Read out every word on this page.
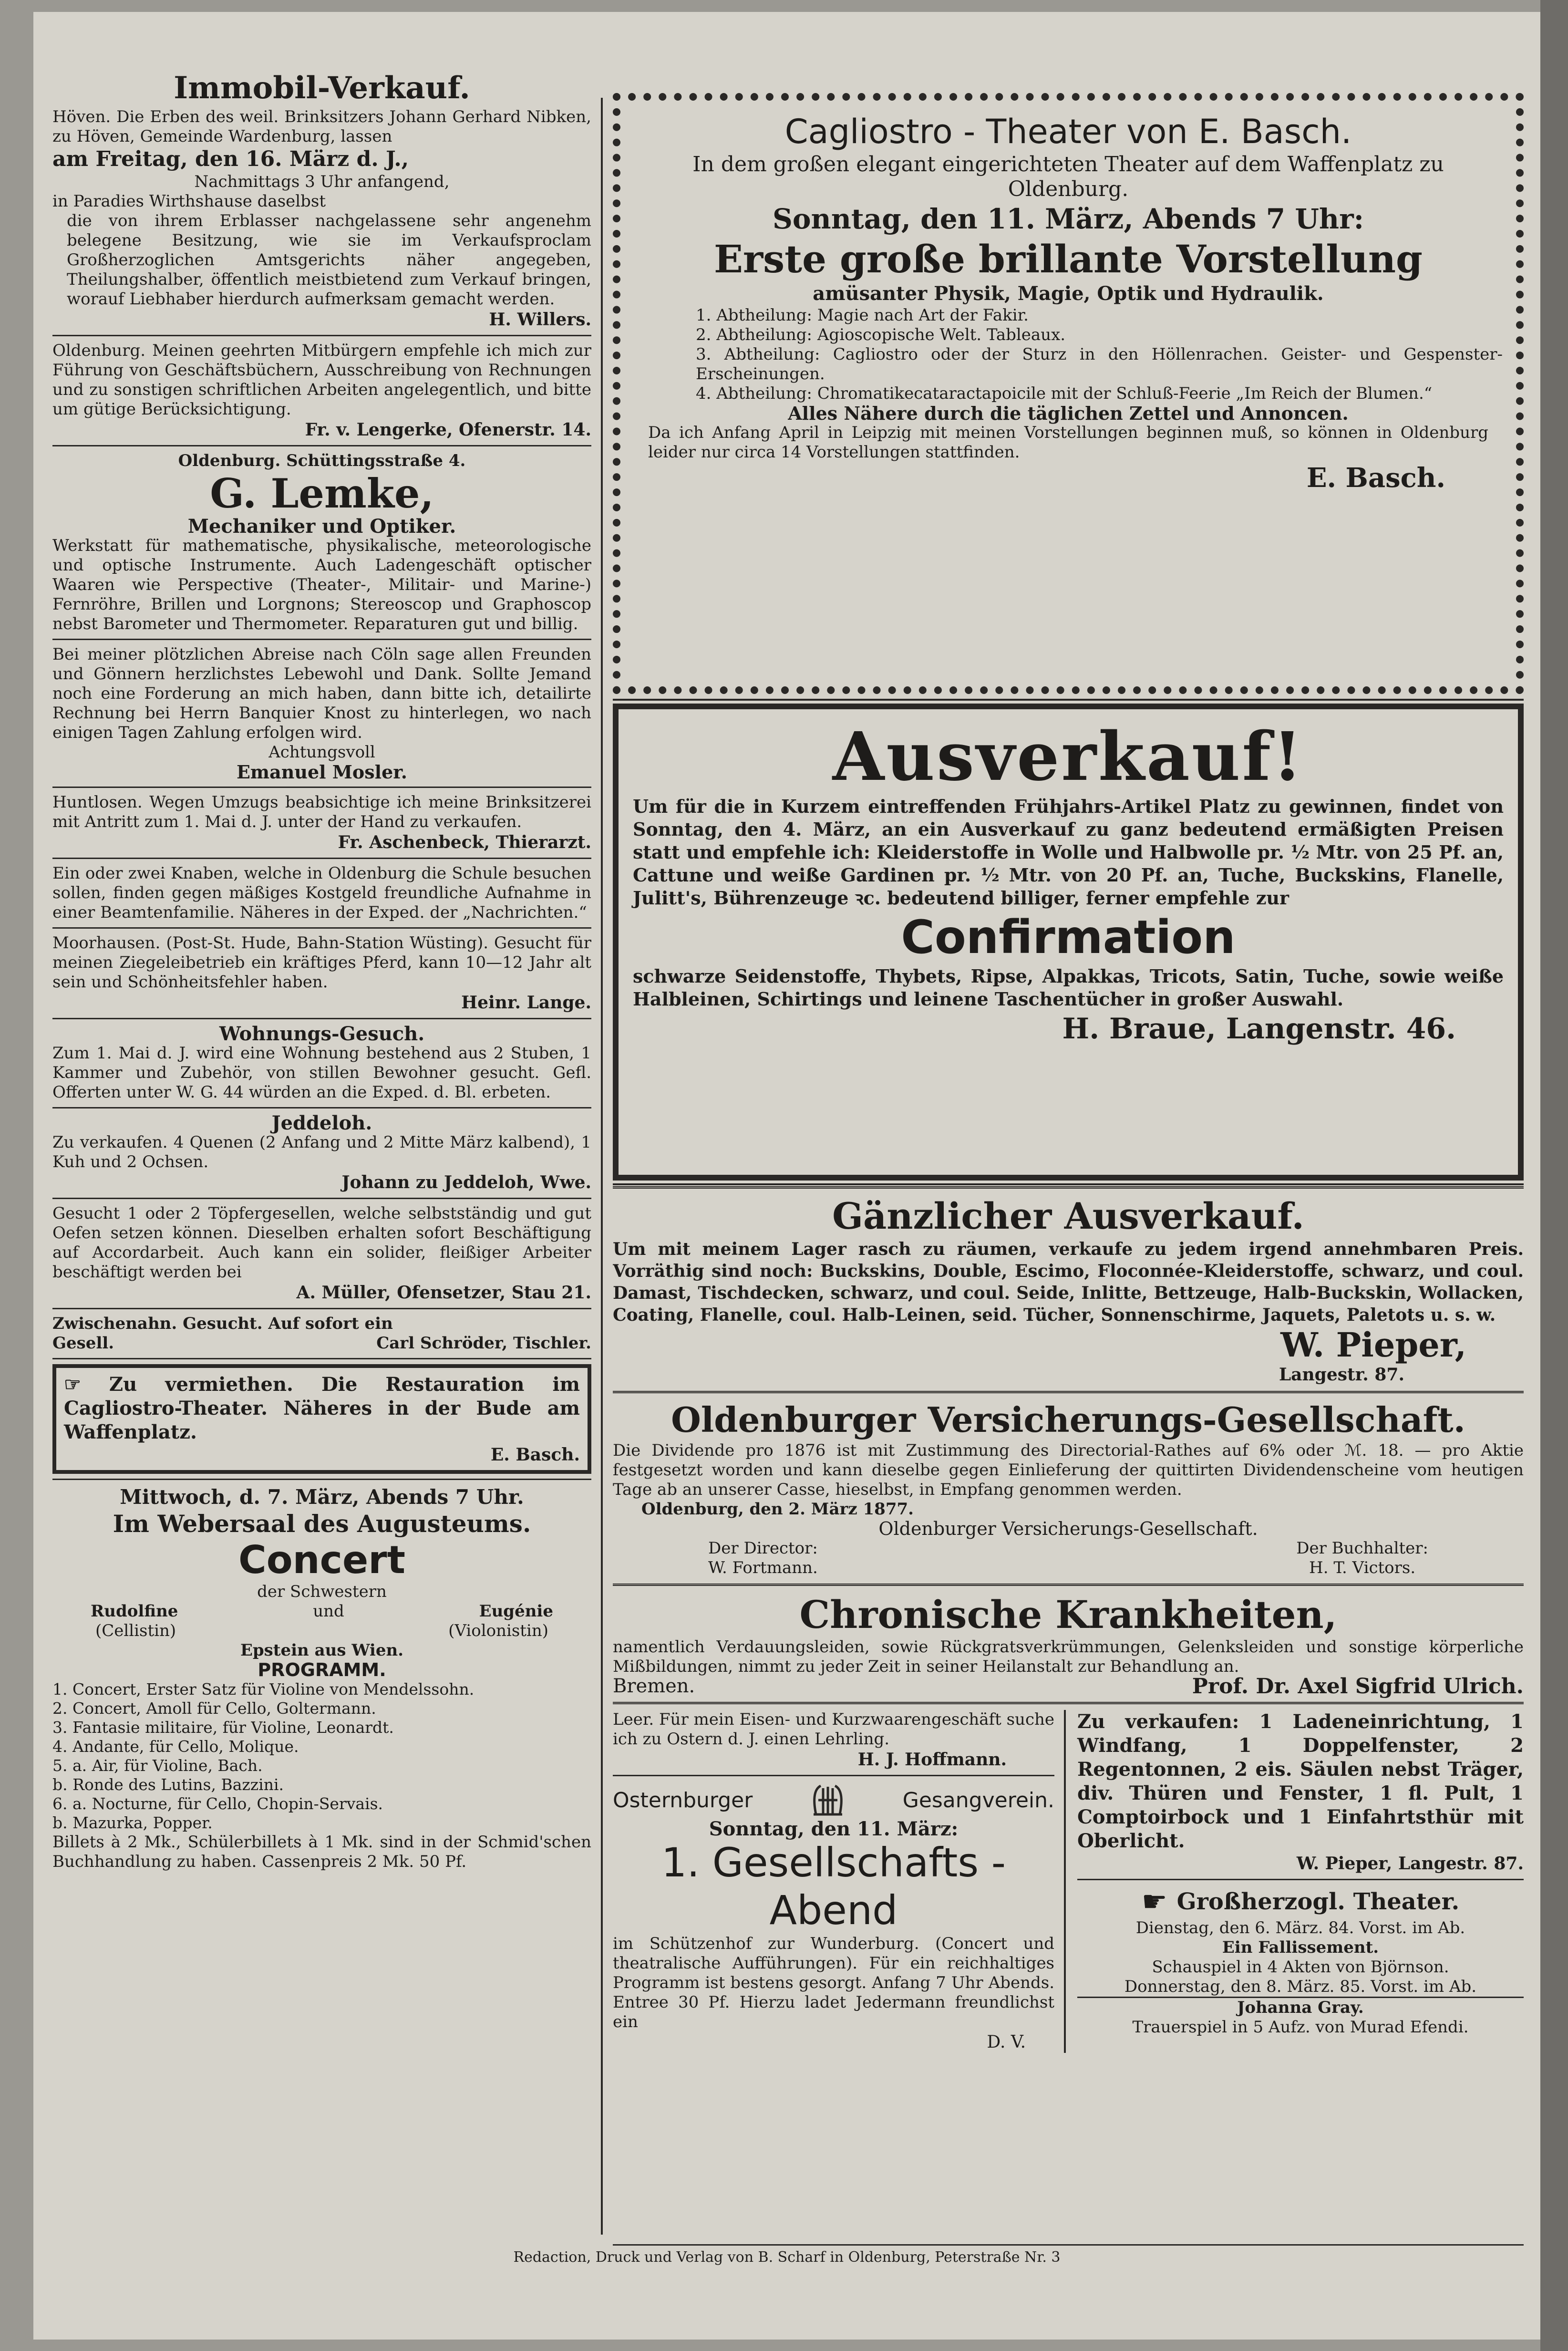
Immobil-Verkauf.

Höven. Die Erben des weil. Brinksitzers Johann Gerhard Nibken, zu Höven, Gemeinde Wardenburg, lassen

am Freitag, den 16. März d. J.,

Nachmittags 3 Uhr anfangend,

in Paradies Wirthshause daselbst

die von ihrem Erblasser nachgelassene sehr angenehm belegene Besitzung, wie sie im Verkaufsproclam Großherzoglichen Amtsgerichts näher angegeben, Theilungshalber, öffentlich meistbietend zum Verkauf bringen, worauf Liebhaber hierdurch aufmerksam gemacht werden.

H. Willers.

Oldenburg. Meinen geehrten Mitbürgern empfehle ich mich zur Führung von Geschäftsbüchern, Ausschreibung von Rechnungen und zu sonstigen schriftlichen Arbeiten angelegentlich, und bitte um gütige Berücksichtigung.

Fr. v. Lengerke, Ofenerstr. 14.

Oldenburg. Schüttingsstraße 4.

G. Lemke,

Mechaniker und Optiker.

Werkstatt für mathematische, physikalische, meteorologische und optische Instrumente. Auch Ladengeschäft optischer Waaren wie Perspective (Theater-, Militair- und Marine-) Fernröhre, Brillen und Lorgnons; Stereoscop und Graphoscop nebst Barometer und Thermometer. Reparaturen gut und billig.

Bei meiner plötzlichen Abreise nach Cöln sage allen Freunden und Gönnern herzlichstes Lebewohl und Dank. Sollte Jemand noch eine Forderung an mich haben, dann bitte ich, detailirte Rechnung bei Herrn Banquier Knost zu hinterlegen, wo nach einigen Tagen Zahlung erfolgen wird.

Achtungsvoll

Emanuel Mosler.

Huntlosen. Wegen Umzugs beabsichtige ich meine Brinksitzerei mit Antritt zum 1. Mai d. J. unter der Hand zu verkaufen.

Fr. Aschenbeck, Thierarzt.

Ein oder zwei Knaben, welche in Oldenburg die Schule besuchen sollen, finden gegen mäßiges Kostgeld freundliche Aufnahme in einer Beamtenfamilie. Näheres in der Exped. der „Nachrichten.“

Moorhausen. (Post-St. Hude, Bahn-Station Wüsting). Gesucht für meinen Ziegeleibetrieb ein kräftiges Pferd, kann 10—12 Jahr alt sein und Schönheitsfehler haben.

Heinr. Lange.

Wohnungs-Gesuch.

Zum 1. Mai d. J. wird eine Wohnung bestehend aus 2 Stuben, 1 Kammer und Zubehör, von stillen Bewohner gesucht. Gefl. Offerten unter W. G. 44 würden an die Exped. d. Bl. erbeten.

Jeddeloh.

Zu verkaufen. 4 Quenen (2 Anfang und 2 Mitte März kalbend), 1 Kuh und 2 Ochsen.

Johann zu Jeddeloh, Wwe.

Gesucht 1 oder 2 Töpfergesellen, welche selbstständig und gut Oefen setzen können. Dieselben erhalten sofort Beschäftigung auf Accordarbeit. Auch kann ein solider, fleißiger Arbeiter beschäftigt werden bei

A. Müller, Ofensetzer, Stau 21.

Zwischenahn. Gesucht. Auf sofort ein

Gesell.	Carl Schröder, Tischler.

☞ Zu vermiethen. Die Restauration im Cagliostro-Theater. Näheres in der Bude am Waffenplatz.

E. Basch.

Mittwoch, d. 7. März, Abends 7 Uhr.

Im Webersaal des Augusteums.

Concert

der Schwestern

Rudolfine	und	Eugénie
(Cellistin)	(Violonistin)

Epstein aus Wien.

PROGRAMM.

1. Concert, Erster Satz für Violine von Mendelssohn.

2. Concert, Amoll für Cello, Goltermann.

3. Fantasie militaire, für Violine, Leonardt.

4. Andante, für Cello, Molique.

5. a. Air, für Violine, Bach.

b. Ronde des Lutins, Bazzini.

6. a. Nocturne, für Cello, Chopin-Servais.

b. Mazurka, Popper.

Billets à 2 Mk., Schülerbillets à 1 Mk. sind in der Schmid'schen Buchhandlung zu haben. Cassenpreis 2 Mk. 50 Pf.

Cagliostro - Theater von E. Basch.

In dem großen elegant eingerichteten Theater auf dem Waffenplatz zu Oldenburg.

Sonntag, den 11. März, Abends 7 Uhr:

Erste große brillante Vorstellung

amüsanter Physik, Magie, Optik und Hydraulik.

1. Abtheilung: Magie nach Art der Fakir.

2. Abtheilung: Agioscopische Welt. Tableaux.

3. Abtheilung: Cagliostro oder der Sturz in den Höllenrachen. Geister- und Gespenster-Erscheinungen.

4. Abtheilung: Chromatikecataractapoicile mit der Schluß-Feerie „Im Reich der Blumen.“

Alles Nähere durch die täglichen Zettel und Annoncen.

Da ich Anfang April in Leipzig mit meinen Vorstellungen beginnen muß, so können in Oldenburg leider nur circa 14 Vorstellungen stattfinden.

E. Basch.

Ausverkauf!

Um für die in Kurzem eintreffenden Frühjahrs-Artikel Platz zu gewinnen, findet von Sonntag, den 4. März, an ein Ausverkauf zu ganz bedeutend ermäßigten Preisen statt und empfehle ich: Kleiderstoffe in Wolle und Halbwolle pr. ½ Mtr. von 25 Pf. an, Cattune und weiße Gardinen pr. ½ Mtr. von 20 Pf. an, Tuche, Buckskins, Flanelle, Julitt's, Bührenzeuge ꝛc. bedeutend billiger, ferner empfehle zur

Confirmation

schwarze Seidenstoffe, Thybets, Ripse, Alpakkas, Tricots, Satin, Tuche, sowie weiße Halbleinen, Schirtings und leinene Taschentücher in großer Auswahl.

H. Braue, Langenstr. 46.

Gänzlicher Ausverkauf.

Um mit meinem Lager rasch zu räumen, verkaufe zu jedem irgend annehmbaren Preis. Vorräthig sind noch: Buckskins, Double, Escimo, Floconnée-Kleiderstoffe, schwarz, und coul. Damast, Tischdecken, schwarz, und coul. Seide, Inlitte, Bettzeuge, Halb-Buckskin, Wollacken, Coating, Flanelle, coul. Halb-Leinen, seid. Tücher, Sonnenschirme, Jaquets, Paletots u. s. w.

W. Pieper,

Langestr. 87.

Oldenburger Versicherungs-Gesellschaft.

Die Dividende pro 1876 ist mit Zustimmung des Directorial-Rathes auf 6% oder ℳ. 18. — pro Aktie festgesetzt worden und kann dieselbe gegen Einlieferung der quittirten Dividendenscheine vom heutigen Tage ab an unserer Casse, hieselbst, in Empfang genommen werden.

Oldenburg, den 2. März 1877.

Oldenburger Versicherungs-Gesellschaft.

Der Director:

W. Fortmann.

Der Buchhalter:

H. T. Victors.

Chronische Krankheiten,

namentlich Verdauungsleiden, sowie Rückgratsverkrümmungen, Gelenksleiden und sonstige körperliche Mißbildungen, nimmt zu jeder Zeit in seiner Heilanstalt zur Behandlung an.

Bremen.	Prof. Dr. Axel Sigfrid Ulrich.

Leer. Für mein Eisen- und Kurzwaarengeschäft suche ich zu Ostern d. J. einen Lehrling.

H. J. Hoffmann.

Osternburger	Gesangverein.

Sonntag, den 11. März:

1. Gesellschafts - Abend

im Schützenhof zur Wunderburg. (Concert und theatralische Aufführungen). Für ein reichhaltiges Programm ist bestens gesorgt. Anfang 7 Uhr Abends. Entree 30 Pf. Hierzu ladet Jedermann freundlichst ein

D. V.

Zu verkaufen: 1 Ladeneinrichtung, 1 Windfang, 1 Doppelfenster, 2 Regentonnen, 2 eis. Säulen nebst Träger, div. Thüren und Fenster, 1 fl. Pult, 1 Comptoirbock und 1 Einfahrtsthür mit Oberlicht.

W. Pieper, Langestr. 87.

☛ Großherzogl. Theater.

Dienstag, den 6. März. 84. Vorst. im Ab.

Ein Fallissement.

Schauspiel in 4 Akten von Björnson.

Donnerstag, den 8. März. 85. Vorst. im Ab.

Johanna Gray.

Trauerspiel in 5 Aufz. von Murad Efendi.

Redaction, Druck und Verlag von B. Scharf in Oldenburg, Peterstraße Nr. 3
